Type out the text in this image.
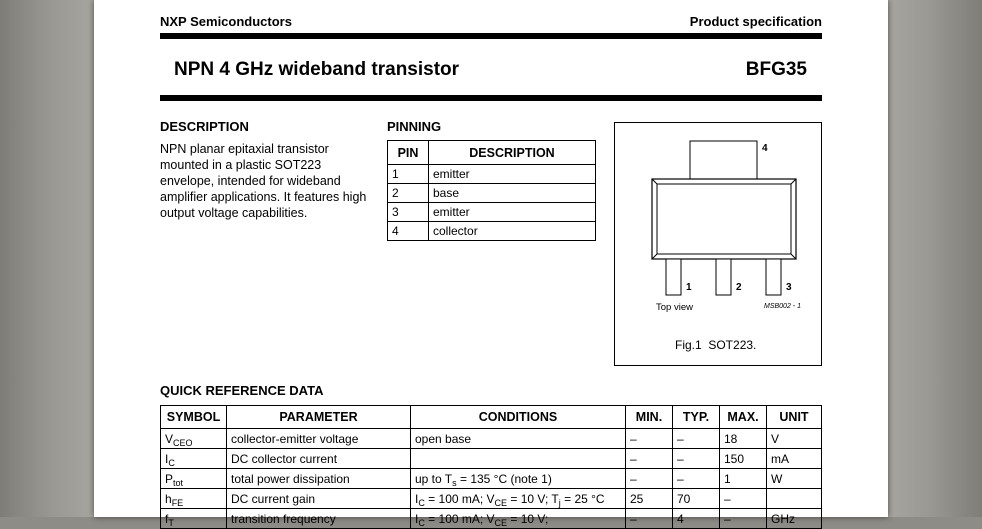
NXP Semiconductors	Product specification
NPN 4 GHz wideband transistor	BFG35
DESCRIPTION
NPN planar epitaxial transistor mounted in a plastic SOT223 envelope, intended for wideband amplifier applications. It features high output voltage capabilities.
PINNING
PIN	DESCRIPTION
1	emitter
2	base
3	emitter
4	collector
4
1	2	3
Top view	MSB002 - 1
Fig.1  SOT223.
QUICK REFERENCE DATA
SYMBOL	PARAMETER	CONDITIONS	MIN.	TYP.	MAX.	UNIT
$V_{CEO}$	collector-emitter voltage	open base	–	–	18	V
$I_C$	DC collector current		–	–	150	mA
$P_{tot}$	total power dissipation	up to $T_s = 135$ °C (note 1)	–	–	1	W
$h_{FE}$	DC current gain	$I_C = 100$ mA; $V_{CE} = 10$ V; $T_j = 25$ °C	25	70	–	
$f_T$	transition frequency	$I_C = 100$ mA; $V_{CE} = 10$ V;	–	4	–	GHz
